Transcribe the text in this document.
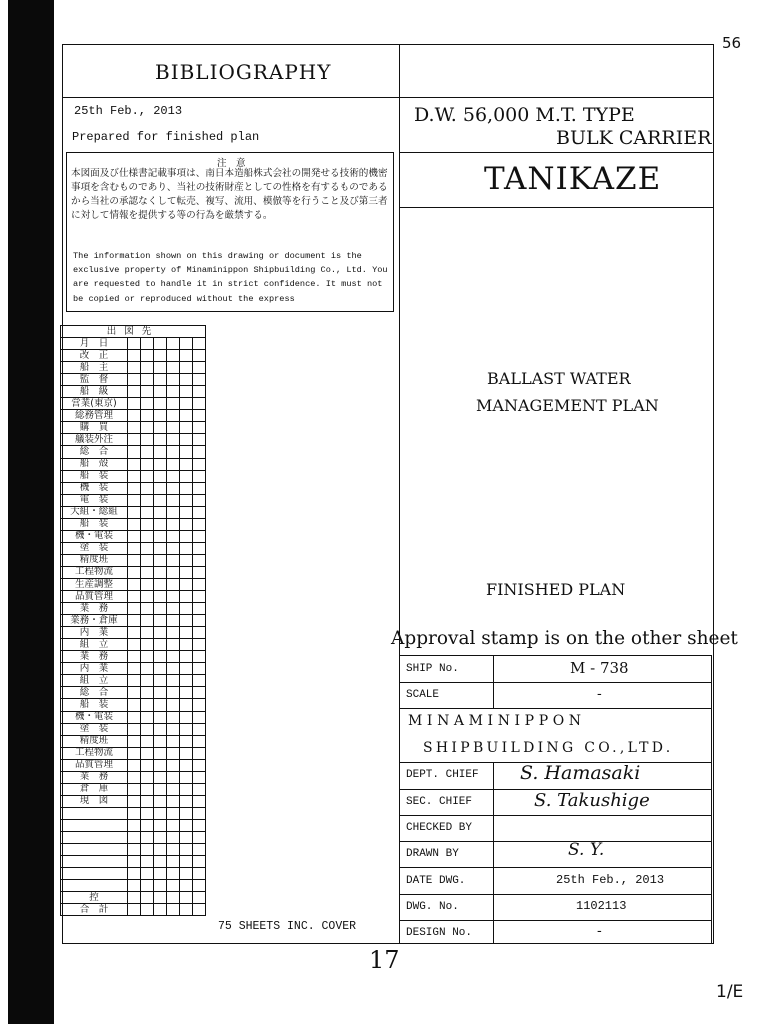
56
1/E
BIBLIOGRAPHY
25th Feb., 2013
Prepared for finished plan
D.W. 56,000 M.T. TYPE
BULK CARRIER
TANIKAZE
注　意
本図面及び仕様書記載事項は、南日本造船株式会社の開発せる技術的機密事項を含むものであり、当社の技術財産としての性格を有するものであるから当社の承認なくして転売、複写、流用、模倣等を行うこと及び第三者に対して情報を提供する等の行為を厳禁する。
The information shown on this drawing or document is the exclusive property of Minaminippon Shipbuilding Co., Ltd. You are requested to handle it in strict confidence. It must not be copied or reproduced without the express
出図先						
月　日						
改　正						
船　主						
監　督						
船　級						
営業(東京)						
総務管理						
購　買						
艤装外注						
総　合						
船　殻						
船　装						
機　装						
電　装						
大組・総組						
船　装						
機・電装						
塗　装						
精度班						
工程物流						
生産調整						
品質管理						
業　務						
業務・倉庫						
内　業						
組　立						
業　務						
内　業						
組　立						
総　合						
船　装						
機・電装						
塗　装						
精度班						
工程物流						
品質管理						
業　務						
倉　庫						
現　図						

控						
合　計						
BALLAST WATER
MANAGEMENT PLAN
FINISHED PLAN
Approval stamp is on the other sheet
75 SHEETS INC. COVER
SHIP No.	M - 738
SCALE	-
MINAMINIPPON
SHIPBUILDING CO.,LTD.
DEPT. CHIEF S. Hamasaki
SEC. CHIEF	S. Takushige
CHECKED BY
DRAWN BY	S. Y.
DATE DWG.	25th Feb., 2013
DWG. No.	1102113
DESIGN No.	-
17
